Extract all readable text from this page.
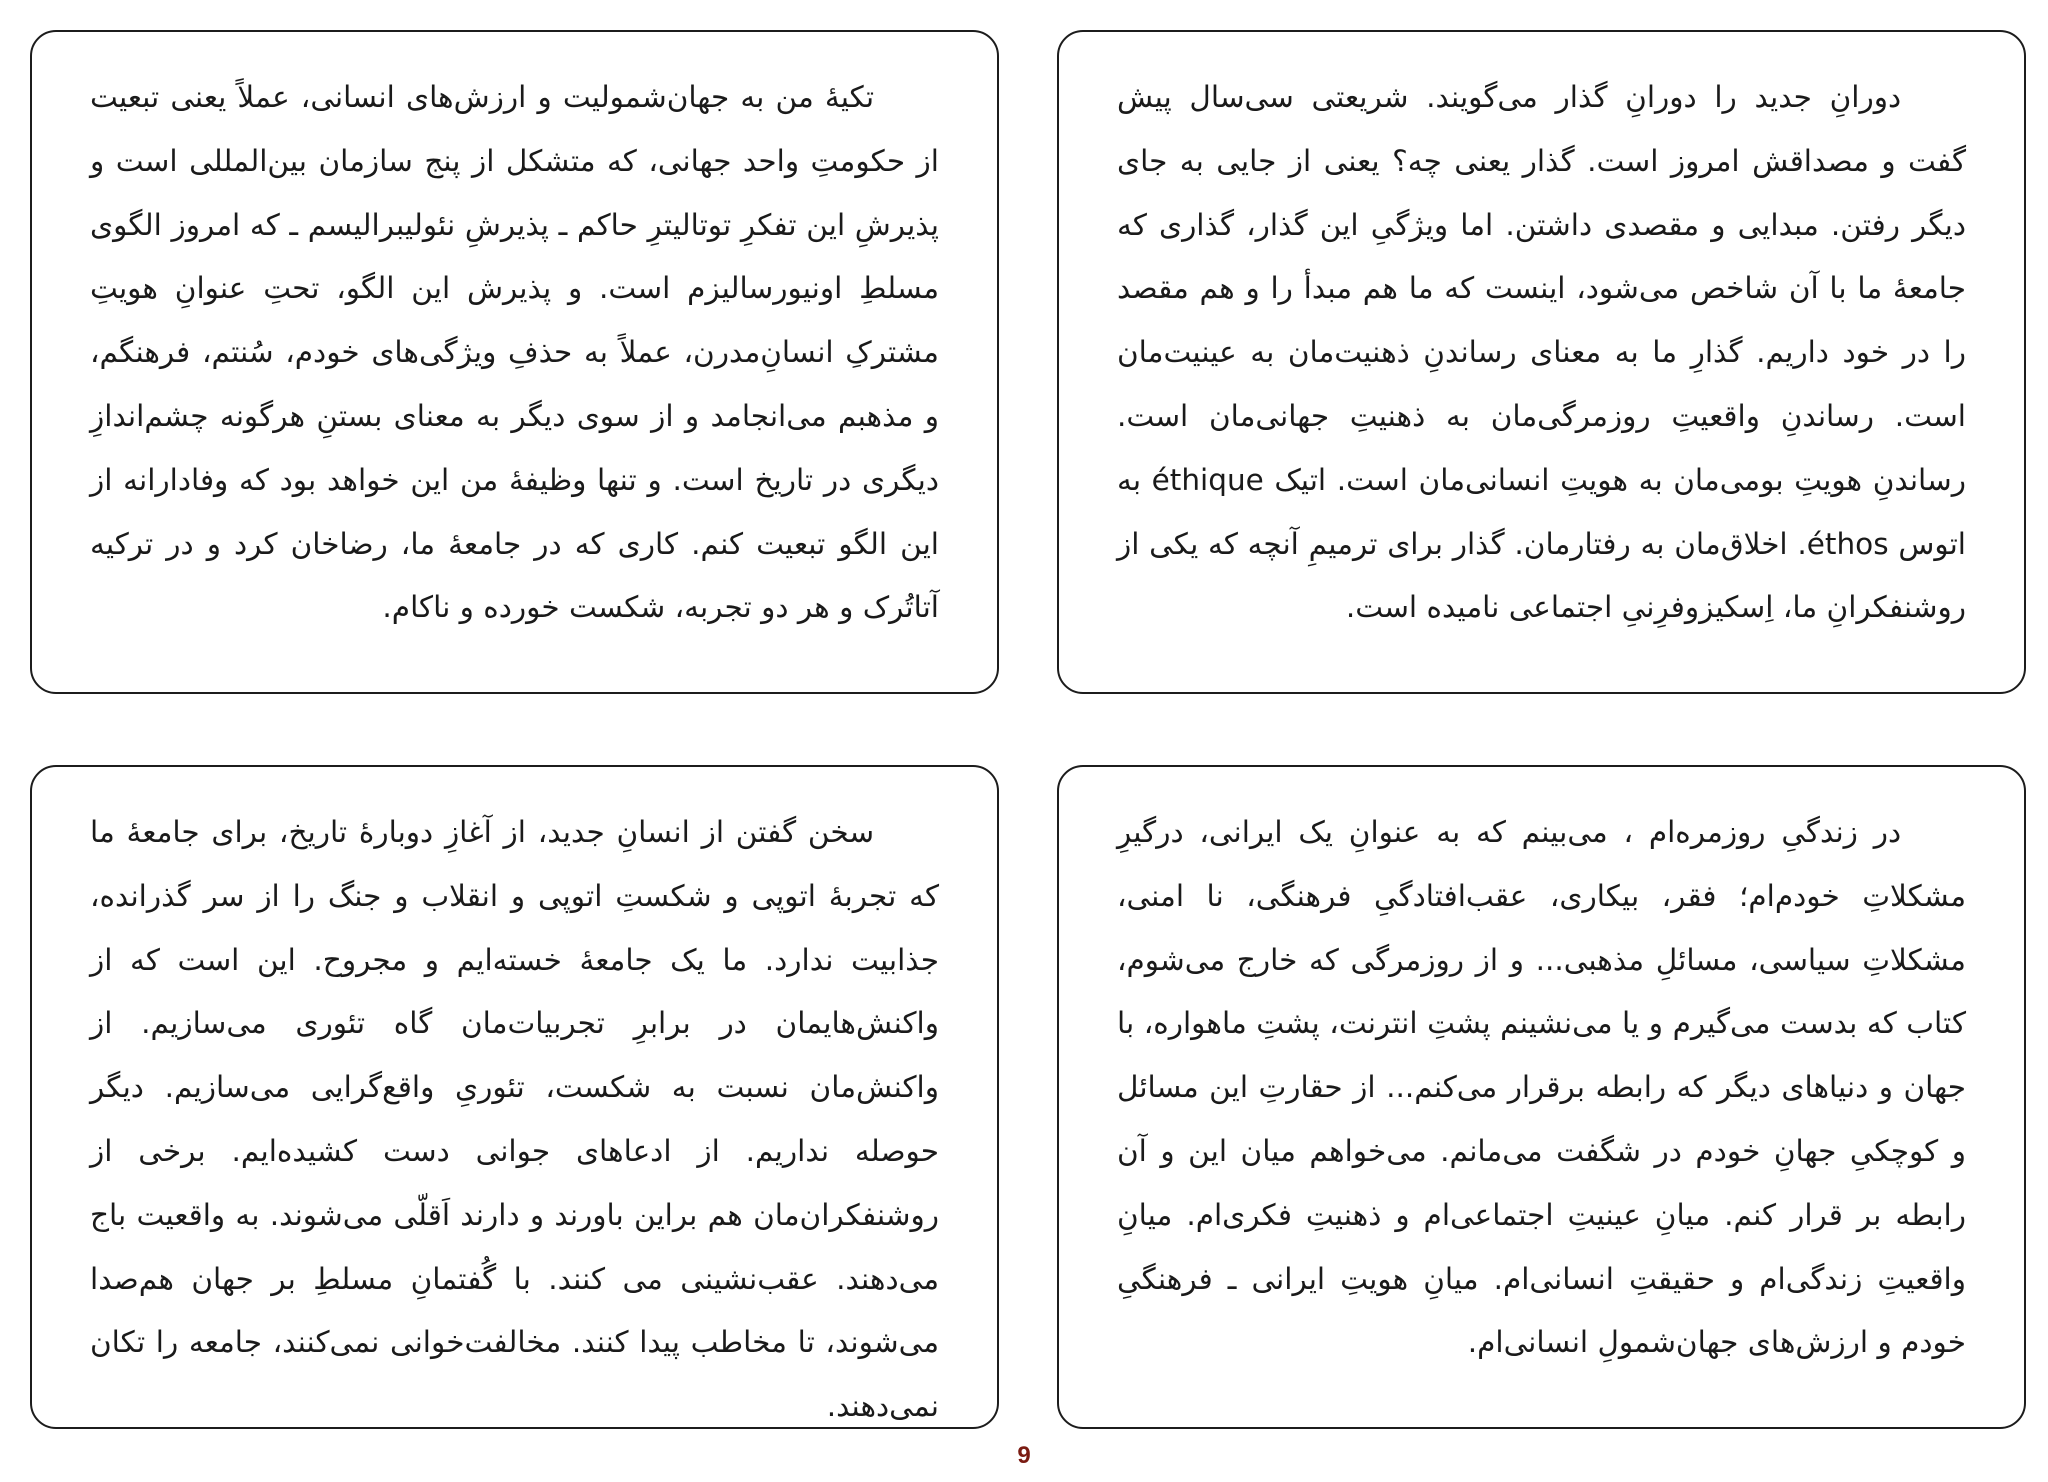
دورانِ جدید را دورانِ گذار می‌گویند. شریعتی سی‌سال پیش گفت و مصداقش امروز است. گذار یعنی چه؟ یعنی از جایی به جای دیگر رفتن. مبدایی و مقصدی داشتن. اما ویژگیِ این گذار، گذاری که جامعهٔ ما با آن شاخص می‌شود، اینست که ما هم مبدأ را و هم مقصد را در خود داریم. گذارِ ما به معنای رساندنِ ذهنیت‌مان به عینیت‌مان است. رساندنِ واقعیتِ روزمرگی‌مان به ذهنیتِ جهانی‌مان است. رساندنِ هویتِ بومی‌مان به هویتِ انسانی‌مان است. اتیک éthique به اتوس éthos. اخلاق‌مان به رفتارمان. گذار برای ترمیمِ آنچه که یکی از روشنفکرانِ ما، اِسکیزوفرِنیِ اجتماعی نامیده است.

تکیهٔ من به جهان‌شمولیت و ارزش‌های انسانی، عملاً یعنی تبعیت از حکومتِ واحد جهانی، که متشکل از پنج سازمان بین‌المللی است و پذیرشِ این تفکرِ توتالیترِ حاکم ـ پذیرشِ نئولیبرالیسم ـ که امروز الگوی مسلطِ اونیورسالیزم است. و پذیرش این الگو، تحتِ عنوانِ هویتِ مشترکِ انسانِ‌مدرن، عملاً به حذفِ ویژگی‌های خودم، سُنتم، فرهنگم، و مذهبم می‌انجامد و از سوی دیگر به معنای بستنِ هرگونه چشم‌اندازِ دیگری در تاریخ است. و تنها وظیفهٔ من این خواهد بود که وفادارانه از این الگو تبعیت کنم. کاری که در جامعهٔ ما، رضاخان کرد و در ترکیه آتاتُرک و هر دو تجربه، شکست خورده و ناکام.

در زندگیِ روزمره‌ام ، می‌بینم که به عنوانِ یک ایرانی، درگیرِ مشکلاتِ خودم‌ام؛ فقر، بیکاری، عقب‌افتادگیِ فرهنگی، نا امنی، مشکلاتِ سیاسی، مسائلِ مذهبی... و از روزمرگی که خارج می‌شوم، کتاب که بدست می‌گیرم و یا می‌نشینم پشتِ انترنت، پشتِ ماهواره، با جهان و دنیاهای دیگر که رابطه برقرار می‌کنم... از حقارتِ این مسائل و کوچکیِ جهانِ خودم در شگفت می‌مانم. می‌خواهم میان این و آن رابطه بر قرار کنم. میانِ عینیتِ اجتماعی‌ام و ذهنیتِ فکری‌ام. میانِ واقعیتِ زندگی‌ام و حقیقتِ انسانی‌ام. میانِ هویتِ ایرانی ـ فرهنگیِ خودم و ارزش‌های جهان‌شمولِ انسانی‌ام.

سخن گفتن از انسانِ جدید، از آغازِ دوبارهٔ تاریخ، برای جامعهٔ ما که تجربهٔ اتوپی و شکستِ اتوپی و انقلاب و جنگ را از سر گذرانده، جذابیت ندارد. ما یک جامعهٔ خسته‌ایم و مجروح. این است که از واکنش‌هایمان در برابرِ تجربیات‌مان گاه تئوری می‌سازیم. از واکنش‌مان نسبت به شکست، تئوریِ واقع‌گرایی می‌سازیم. دیگر حوصله نداریم. از ادعاهای جوانی دست کشیده‌ایم. برخی از روشنفکران‌مان هم براین باورند و دارند اَقلّی می‌شوند. به واقعیت باج می‌دهند. عقب‌نشینی می کنند. با گُفتمانِ مسلطِ بر جهان هم‌صدا می‌شوند، تا مخاطب پیدا کنند. مخالفت‌خوانی نمی‌کنند، جامعه را تکان نمی‌دهند.

9
